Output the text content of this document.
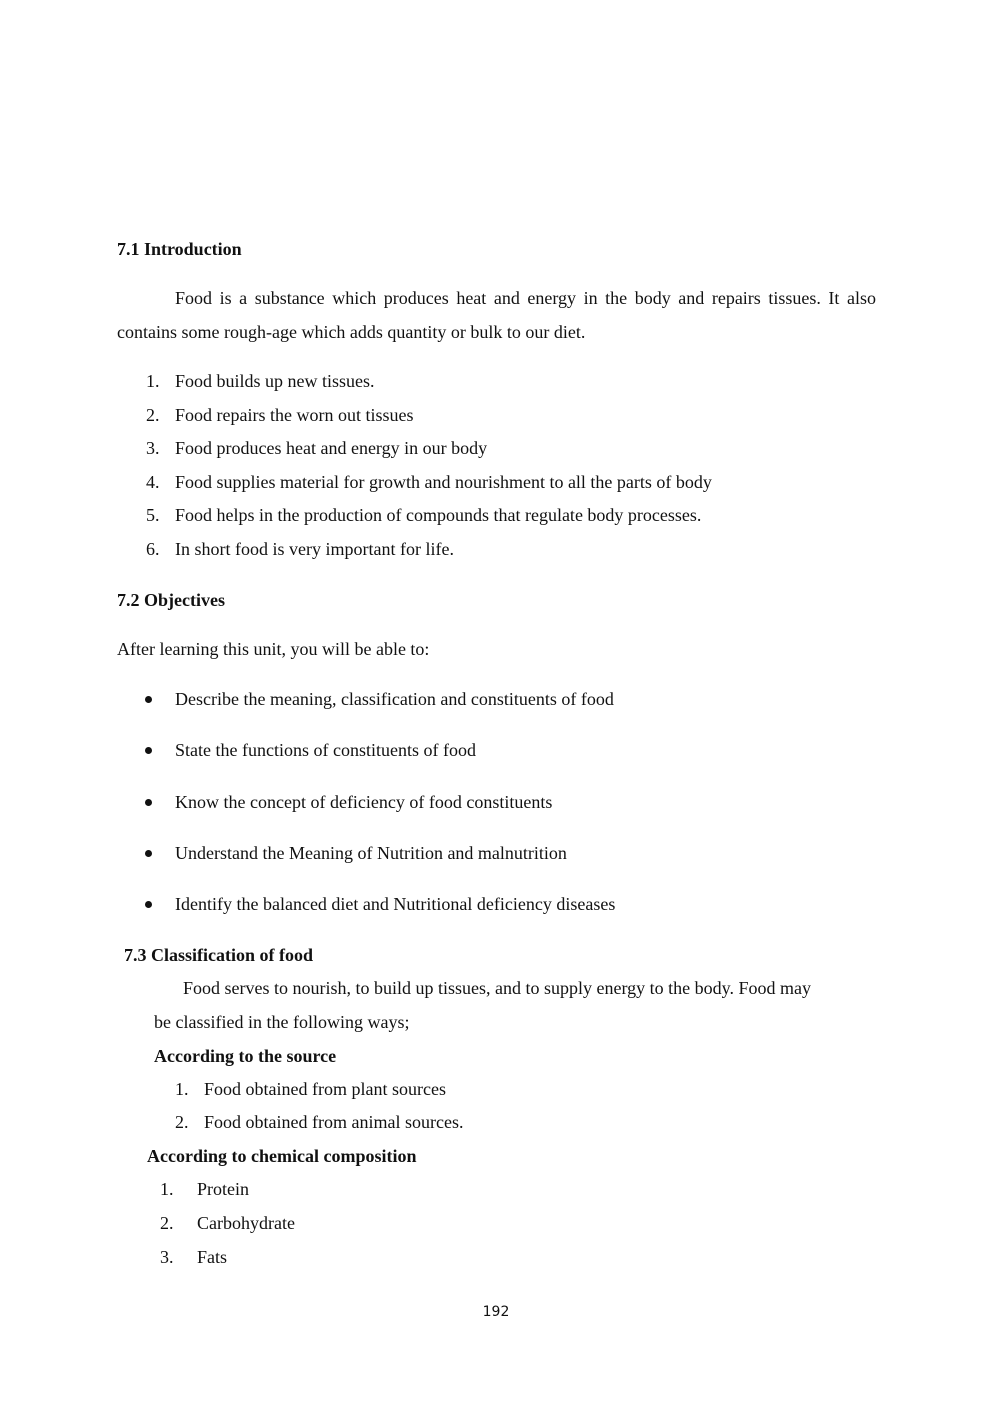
7.1 Introduction
Food is a substance which produces heat and energy in the body and repairs tissues. It also contains some rough-age which adds quantity or bulk to our diet.
1. Food builds up new tissues.
2. Food repairs the worn out tissues
3. Food produces heat and energy in our body
4. Food supplies material for growth and nourishment to all the parts of body
5. Food helps in the production of compounds that regulate body processes.
6. In short food is very important for life.
7.2 Objectives
After learning this unit, you will be able to:
Describe the meaning, classification and constituents of food
State the functions of constituents of food
Know the concept of deficiency of food constituents
Understand the Meaning of Nutrition and malnutrition
Identify the balanced diet and Nutritional deficiency diseases
7.3 Classification of food
Food serves to nourish, to build up tissues, and to supply energy to the body. Food may
be classified in the following ways;
According to the source
1. Food obtained from plant sources
2. Food obtained from animal sources.
According to chemical composition
1. Protein
2. Carbohydrate
3. Fats
192
